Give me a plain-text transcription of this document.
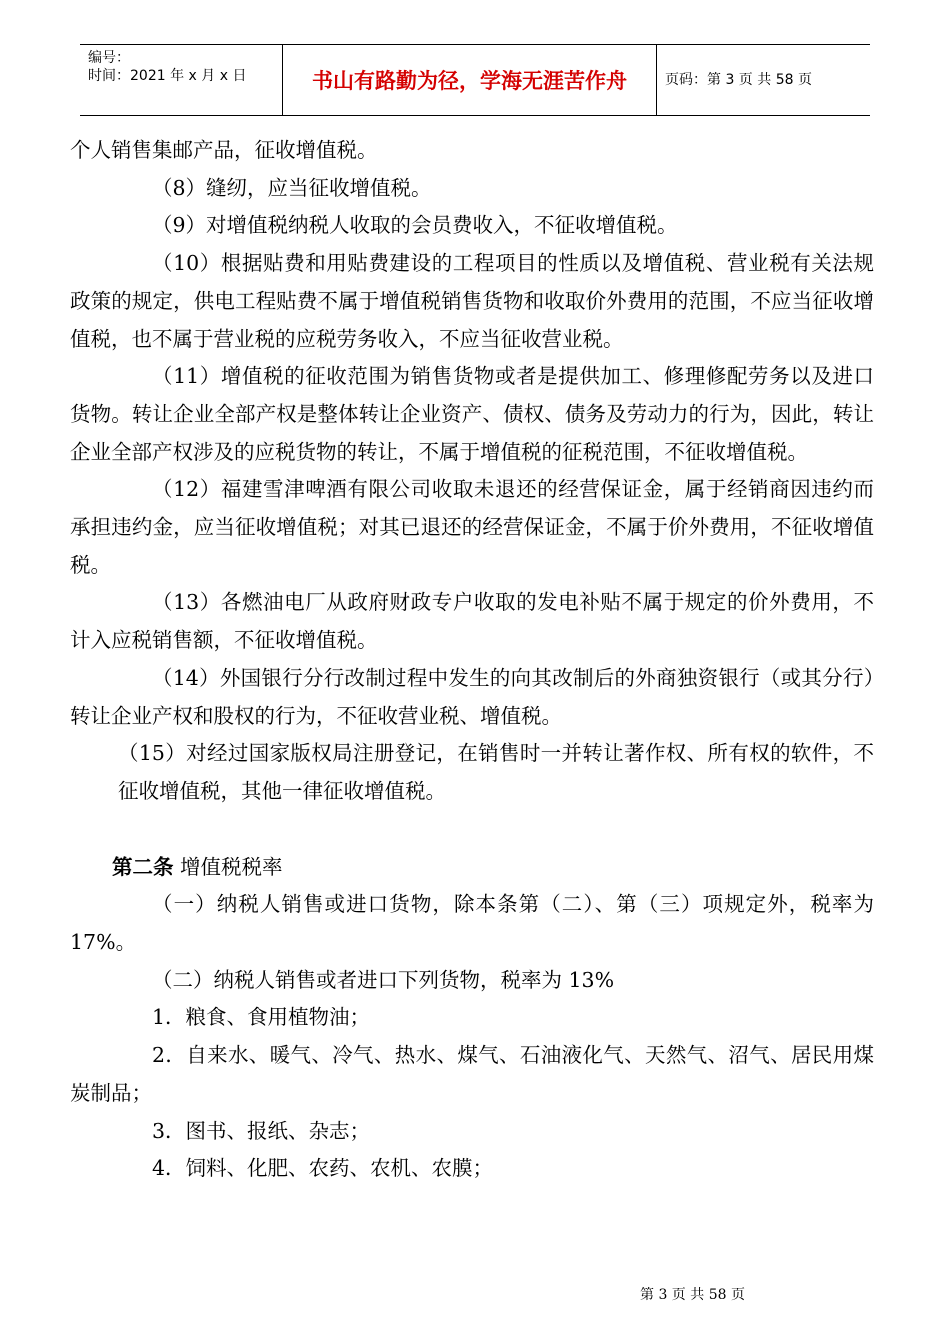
编号：
时间：2021 年 x 月 x 日	书山有路勤为径，学海无涯苦作舟	页码：第 3 页 共 58 页

个人销售集邮产品，征收增值税。

（8）缝纫，应当征收增值税。

（9）对增值税纳税人收取的会员费收入，不征收增值税。

（10）根据贴费和用贴费建设的工程项目的性质以及增值税、营业税有关法规政策的规定，供电工程贴费不属于增值税销售货物和收取价外费用的范围，不应当征收增值税，也不属于营业税的应税劳务收入，不应当征收营业税。

（11）增值税的征收范围为销售货物或者是提供加工、修理修配劳务以及进口货物。转让企业全部产权是整体转让企业资产、债权、债务及劳动力的行为，因此，转让企业全部产权涉及的应税货物的转让，不属于增值税的征税范围，不征收增值税。

（12）福建雪津啤酒有限公司收取未退还的经营保证金，属于经销商因违约而承担违约金，应当征收增值税；对其已退还的经营保证金，不属于价外费用，不征收增值税。

（13）各燃油电厂从政府财政专户收取的发电补贴不属于规定的价外费用，不计入应税销售额，不征收增值税。

（14）外国银行分行改制过程中发生的向其改制后的外商独资银行（或其分行）转让企业产权和股权的行为，不征收营业税、增值税。

（15）对经过国家版权局注册登记，在销售时一并转让著作权、所有权的软件，不征收增值税，其他一律征收增值税。

第二条 增值税税率

（一）纳税人销售或进口货物，除本条第（二）、第（三）项规定外，税率为 17%。

（二）纳税人销售或者进口下列货物，税率为 13%

1．粮食、食用植物油；

2．自来水、暖气、冷气、热水、煤气、石油液化气、天然气、沼气、居民用煤炭制品；

3．图书、报纸、杂志；

4．饲料、化肥、农药、农机、农膜；

第 3 页 共 58 页
